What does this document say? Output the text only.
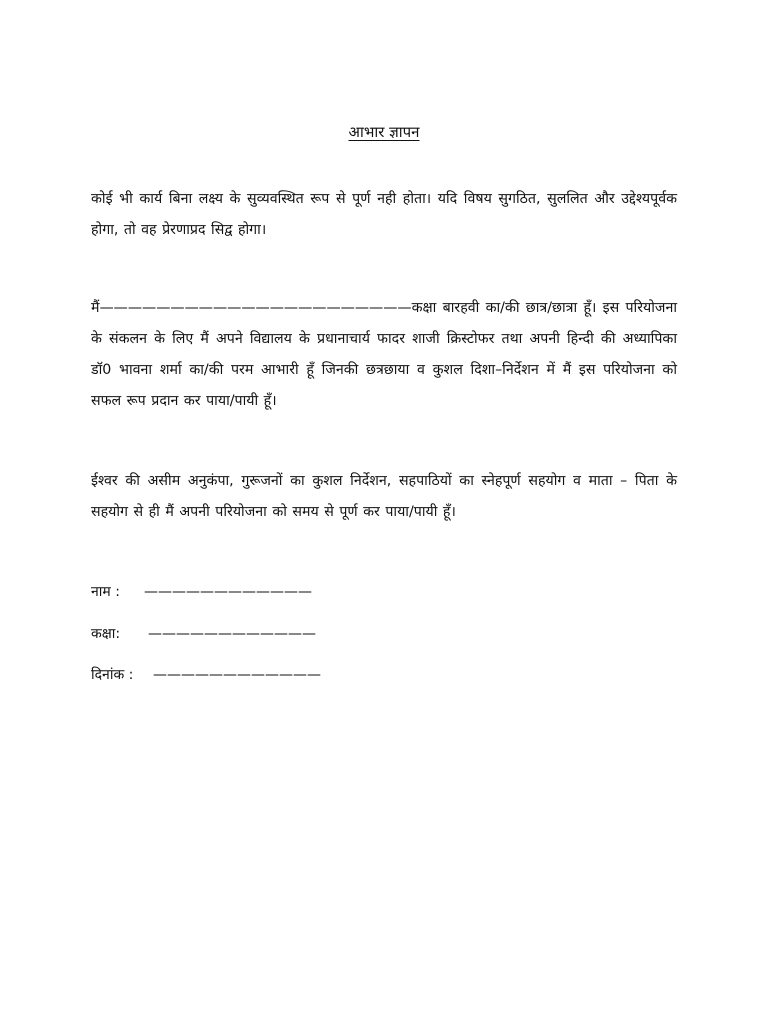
आभार ज्ञापन

कोई भी कार्य बिना लक्ष्य के सुव्यवस्थित रूप से पूर्ण नही होता। यदि विषय सुगठित, सुललित और उद्देश्यपूर्वक होगा, तो वह प्रेरणाप्रद सिद्व होगा।

मैं——————————————————————कक्षा बारहवी का/की छात्र/छात्रा हूँ। इस परियोजना के संकलन के लिए मैं अपने विद्यालय के प्रधानाचार्य फादर शाजी क्रिस्टोफर तथा अपनी हिन्दी की अध्यापिका डॉ0 भावना शर्मा का/की परम आभारी हूँ जिनकी छत्रछाया व कुशल दिशा–निर्देशन में मैं इस परियोजना को सफल रूप प्रदान कर पाया/पायी हूँ।

ईश्वर की असीम अनुकंपा, गुरूजनों का कुशल निर्देशन, सहपाठियों का स्नेहपूर्ण सहयोग व माता – पिता के सहयोग से ही मैं अपनी परियोजना को समय से पूर्ण कर पाया/पायी हूँ।

नाम : ————————————
कक्षा: ————————————
दिनांक : ————————————
